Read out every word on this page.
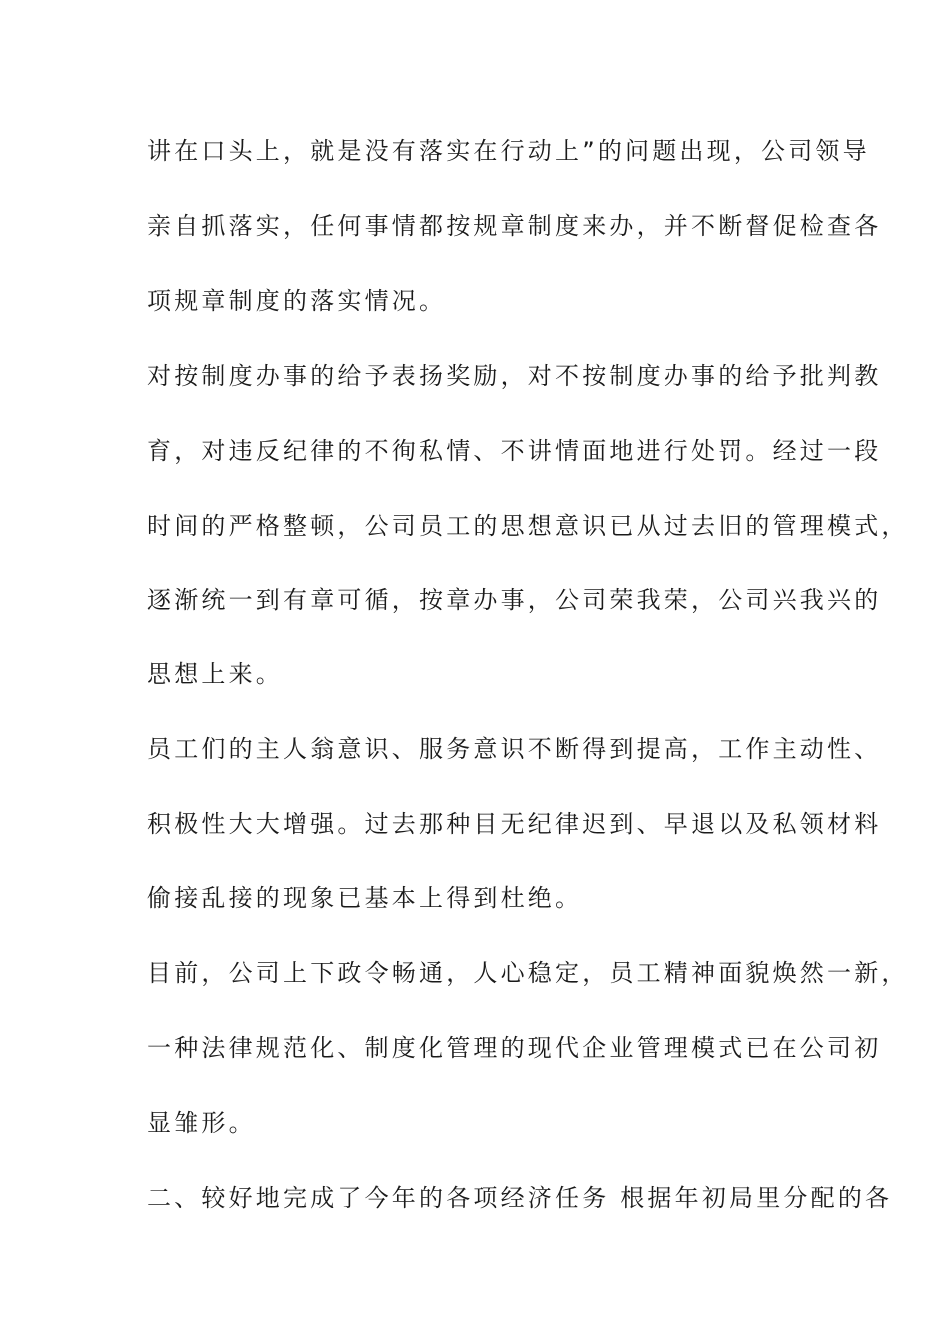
讲在口头上，就是没有落实在行动上”的问题出现，公司领导
亲自抓落实，任何事情都按规章制度来办，并不断督促检查各
项规章制度的落实情况。
对按制度办事的给予表扬奖励，对不按制度办事的给予批判教
育，对违反纪律的不徇私情、不讲情面地进行处罚。经过一段
时间的严格整顿，公司员工的思想意识已从过去旧的管理模式，
逐渐统一到有章可循，按章办事，公司荣我荣，公司兴我兴的
思想上来。
员工们的主人翁意识、服务意识不断得到提高，工作主动性、
积极性大大增强。过去那种目无纪律迟到、早退以及私领材料
偷接乱接的现象已基本上得到杜绝。
目前，公司上下政令畅通，人心稳定，员工精神面貌焕然一新，
一种法律规范化、制度化管理的现代企业管理模式已在公司初
显雏形。
二、较好地完成了今年的各项经济任务 根据年初局里分配的各
